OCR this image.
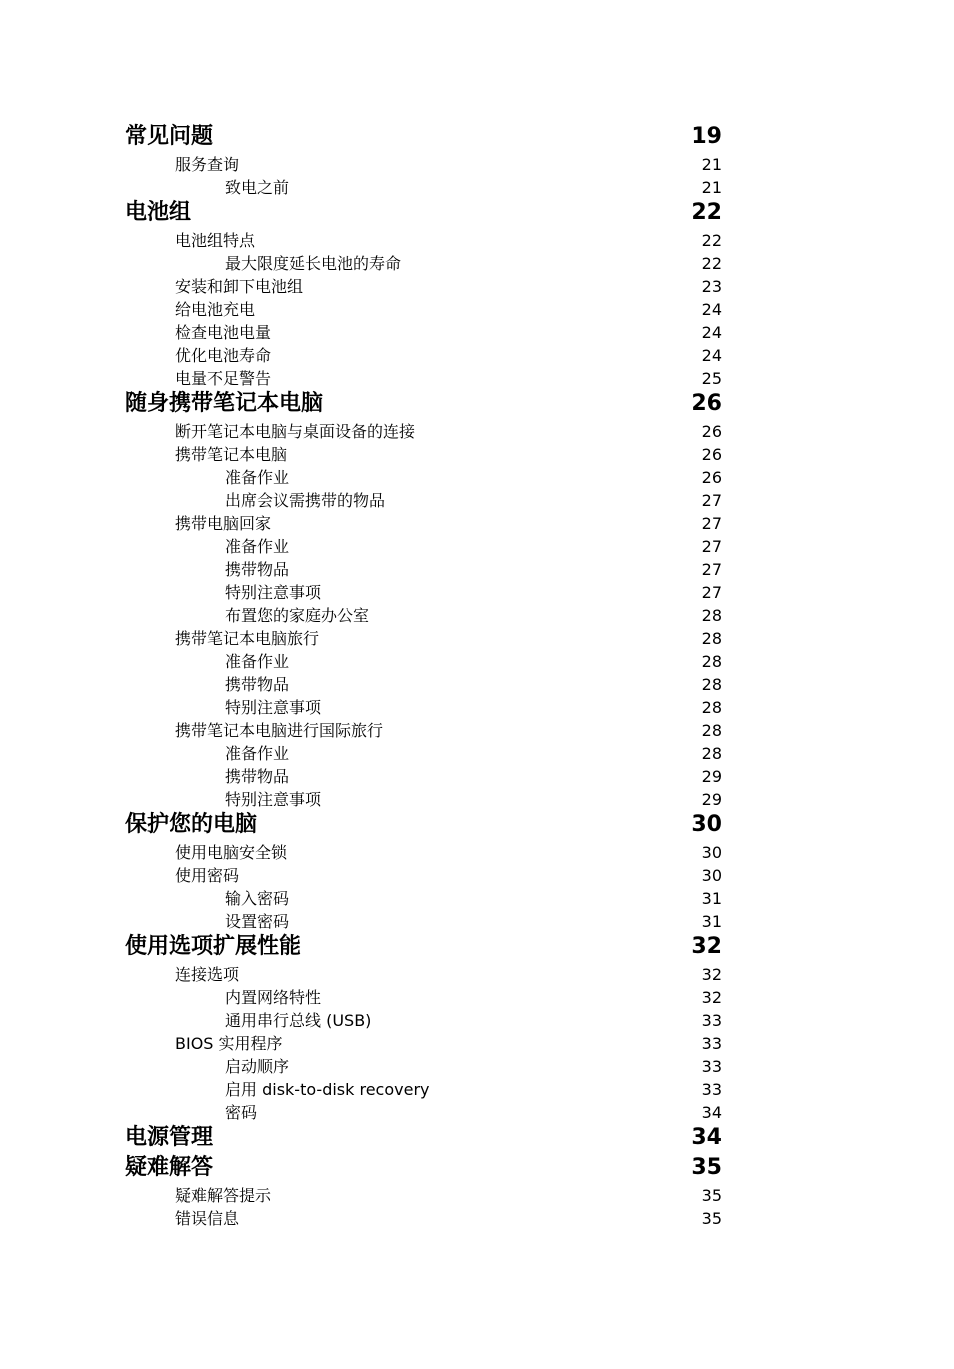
常见问题	19
服务查询	21
致电之前	21
电池组	22
电池组特点	22
最大限度延长电池的寿命	22
安装和卸下电池组	23
给电池充电	24
检查电池电量	24
优化电池寿命	24
电量不足警告	25
随身携带笔记本电脑	26
断开笔记本电脑与桌面设备的连接	26
携带笔记本电脑	26
准备作业	26
出席会议需携带的物品	27
携带电脑回家	27
准备作业	27
携带物品	27
特别注意事项	27
布置您的家庭办公室	28
携带笔记本电脑旅行	28
准备作业	28
携带物品	28
特别注意事项	28
携带笔记本电脑进行国际旅行	28
准备作业	28
携带物品	29
特别注意事项	29
保护您的电脑	30
使用电脑安全锁	30
使用密码	30
输入密码	31
设置密码	31
使用选项扩展性能	32
连接选项	32
内置网络特性	32
通用串行总线 (USB)	33
BIOS 实用程序	33
启动顺序	33
启用 disk-to-disk recovery	33
密码	34
电源管理	34
疑难解答	35
疑难解答提示	35
错误信息	35
